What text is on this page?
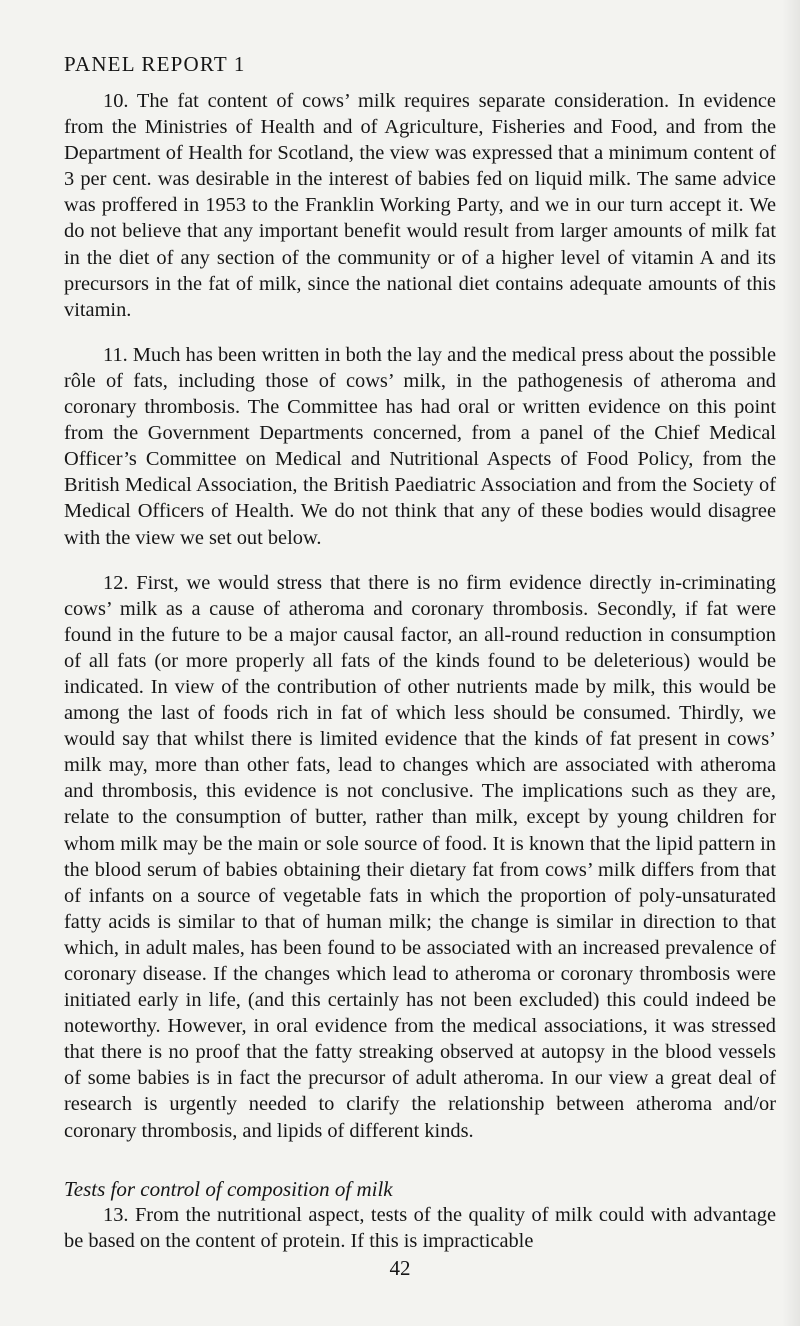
PANEL REPORT 1

10. The fat content of cows’ milk requires separate consideration. In evidence from the Ministries of Health and of Agriculture, Fisheries and Food, and from the Department of Health for Scotland, the view was expressed that a minimum content of 3 per cent. was desirable in the interest of babies fed on liquid milk. The same advice was proffered in 1953 to the Franklin Working Party, and we in our turn accept it. We do not believe that any important benefit would result from larger amounts of milk fat in the diet of any section of the community or of a higher level of vitamin A and its precursors in the fat of milk, since the national diet contains adequate amounts of this vitamin.

11. Much has been written in both the lay and the medical press about the possible rôle of fats, including those of cows’ milk, in the pathogenesis of atheroma and coronary thrombosis. The Committee has had oral or written evidence on this point from the Government Departments concerned, from a panel of the Chief Medical Officer’s Committee on Medical and Nutritional Aspects of Food Policy, from the British Medical Association, the British Paediatric Association and from the Society of Medical Officers of Health. We do not think that any of these bodies would disagree with the view we set out below.

12. First, we would stress that there is no firm evidence directly in-criminating cows’ milk as a cause of atheroma and coronary thrombosis. Secondly, if fat were found in the future to be a major causal factor, an all-round reduction in consumption of all fats (or more properly all fats of the kinds found to be deleterious) would be indicated. In view of the contribution of other nutrients made by milk, this would be among the last of foods rich in fat of which less should be consumed. Thirdly, we would say that whilst there is limited evidence that the kinds of fat present in cows’ milk may, more than other fats, lead to changes which are associated with atheroma and thrombosis, this evidence is not conclusive. The implications such as they are, relate to the consumption of butter, rather than milk, except by young children for whom milk may be the main or sole source of food. It is known that the lipid pattern in the blood serum of babies obtaining their dietary fat from cows’ milk differs from that of infants on a source of vegetable fats in which the proportion of poly-unsaturated fatty acids is similar to that of human milk; the change is similar in direction to that which, in adult males, has been found to be associated with an increased prevalence of coronary disease. If the changes which lead to atheroma or coronary thrombosis were initiated early in life, (and this certainly has not been excluded) this could indeed be noteworthy. However, in oral evidence from the medical associations, it was stressed that there is no proof that the fatty streaking observed at autopsy in the blood vessels of some babies is in fact the precursor of adult atheroma. In our view a great deal of research is urgently needed to clarify the relationship between atheroma and/or coronary thrombosis, and lipids of different kinds.

Tests for control of composition of milk

13. From the nutritional aspect, tests of the quality of milk could with advantage be based on the content of protein. If this is impracticable

42
